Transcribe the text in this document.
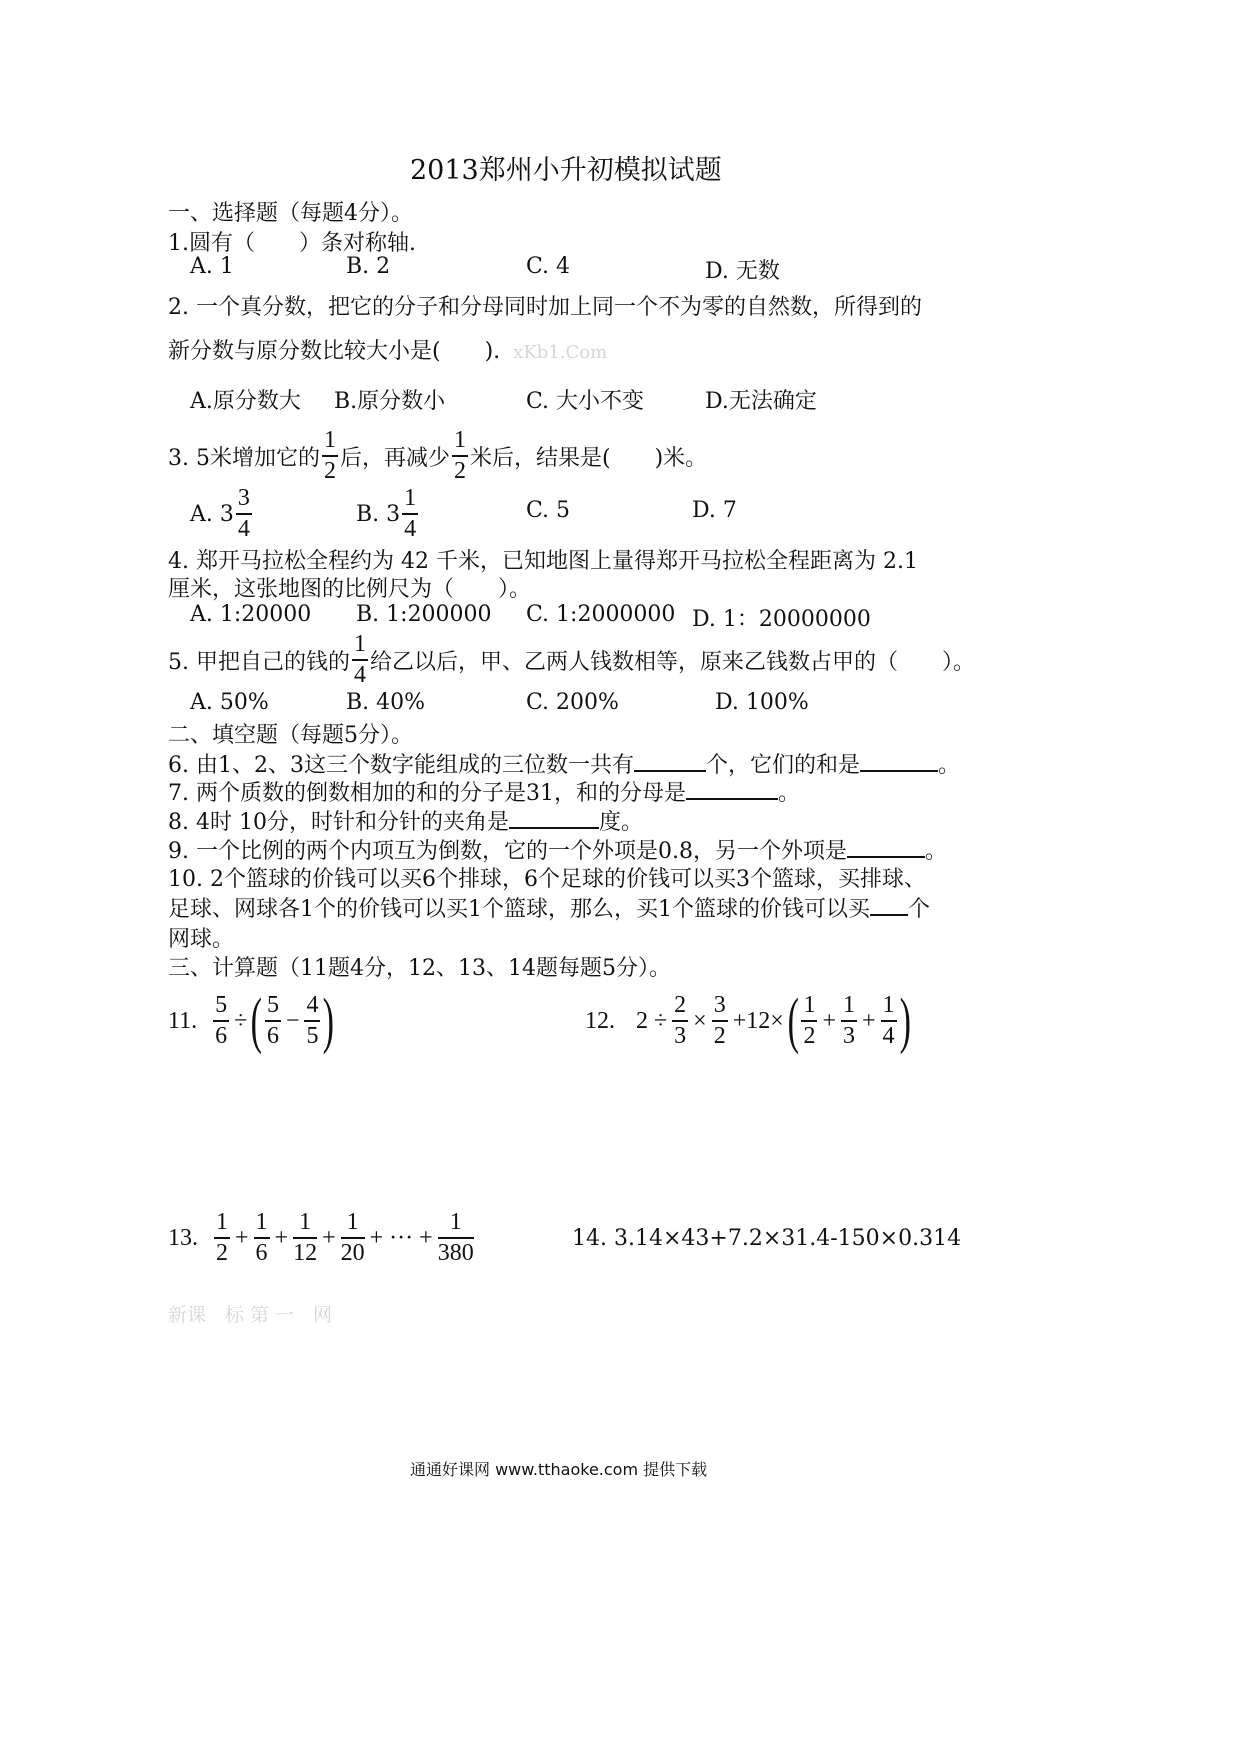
2013郑州小升初模拟试题
一、选择题（每题4分）。
1.圆有（　　）条对称轴.
A. 1	B. 2	C. 4	D. 无数
2. 一个真分数，把它的分子和分母同时加上同一个不为零的自然数，所得到的
新分数与原分数比较大小是(　　). xKb1.Com
A.原分数大 B.原分数小	C. 大小不变	D.无法确定
3. 5米增加它的 $\frac{1}{2}$ 后，再减少 $\frac{1}{2}$ 米后，结果是(　　)米。
A. $3 \frac{3}{4}$	B. $3 \frac{1}{4}$	C. 5	D. 7
4. 郑开马拉松全程约为 42 千米，已知地图上量得郑开马拉松全程距离为 2.1
厘米，这张地图的比例尺为（　　）。
A. 1:20000 B. 1:200000 C. 1:2000000 D. 1：20000000
5. 甲把自己的钱的 $\frac{1}{4}$ 给乙以后，甲、乙两人钱数相等，原来乙钱数占甲的（　　）。
A. 50%	B. 40%	C. 200%	D. 100%
二、填空题（每题5分）。
6. 由1、2、3这三个数字能组成的三位数一共有	个，它们的和是	。
7. 两个质数的倒数相加的和的分子是31，和的分母是	。
8. 4时 10分，时针和分针的夹角是	度。
9. 一个比例的两个内项互为倒数，它的一个外项是0.8，另一个外项是	。
10. 2个篮球的价钱可以买6个排球，6个足球的价钱可以买3个篮球，买排球、
足球、网球各1个的价钱可以买1个篮球，那么，买1个篮球的价钱可以买 个
网球。
三、计算题（11题4分，12、13、14题每题5分）。
11. $\frac{5}{6}$ ÷ ( $\frac{5}{6} - \frac{4}{5}$ )	12. $2 \div \frac{2}{3} \times \frac{3}{2} +12\times$ ( $\frac{1}{2} + \frac{1}{3} + \frac{1}{4}$ )
13. $\frac{1}{2} + \frac{1}{6} + \frac{1}{12} + \frac{1}{20}$ + ··· + $\frac{1}{380}$	14. 3.14×43+7.2×31.4-150×0.314
新课　标 第 一　网
通通好课网 www.tthaoke.com 提供下载
